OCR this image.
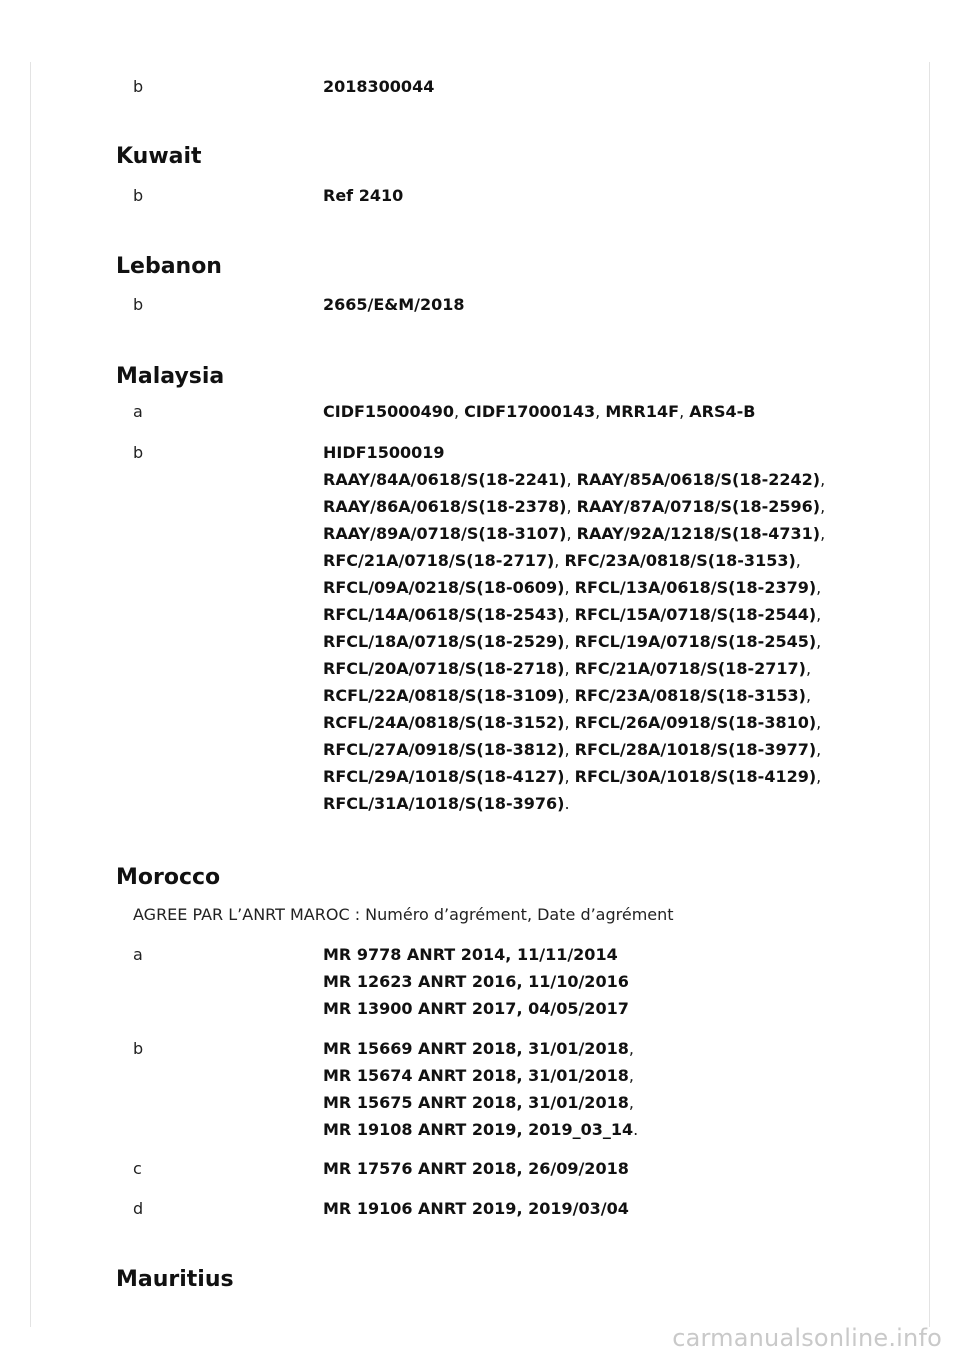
b	2018300044
Kuwait
b	Ref 2410
Lebanon
b	2665/E&M/2018
Malaysia
a	CIDF15000490, CIDF17000143, MRR14F, ARS4-B
b	HIDF1500019
RAAY/84A/0618/S(18-2241), RAAY/85A/0618/S(18-2242),
RAAY/86A/0618/S(18-2378), RAAY/87A/0718/S(18-2596),
RAAY/89A/0718/S(18-3107), RAAY/92A/1218/S(18-4731),
RFC/21A/0718/S(18-2717), RFC/23A/0818/S(18-3153),
RFCL/09A/0218/S(18-0609), RFCL/13A/0618/S(18-2379),
RFCL/14A/0618/S(18-2543), RFCL/15A/0718/S(18-2544),
RFCL/18A/0718/S(18-2529), RFCL/19A/0718/S(18-2545),
RFCL/20A/0718/S(18-2718), RFC/21A/0718/S(18-2717),
RCFL/22A/0818/S(18-3109), RFC/23A/0818/S(18-3153),
RCFL/24A/0818/S(18-3152), RFCL/26A/0918/S(18-3810),
RFCL/27A/0918/S(18-3812), RFCL/28A/1018/S(18-3977),
RFCL/29A/1018/S(18-4127), RFCL/30A/1018/S(18-4129),
RFCL/31A/1018/S(18-3976).
Morocco
AGREE PAR L’ANRT MAROC : Numéro d’agrément, Date d’agrément
a	MR 9778 ANRT 2014, 11/11/2014
MR 12623 ANRT 2016, 11/10/2016
MR 13900 ANRT 2017, 04/05/2017
b	MR 15669 ANRT 2018, 31/01/2018,
MR 15674 ANRT 2018, 31/01/2018,
MR 15675 ANRT 2018, 31/01/2018,
MR 19108 ANRT 2019, 2019_03_14.
c	MR 17576 ANRT 2018, 26/09/2018
d	MR 19106 ANRT 2019, 2019/03/04
Mauritius
carmanualsonline.info
